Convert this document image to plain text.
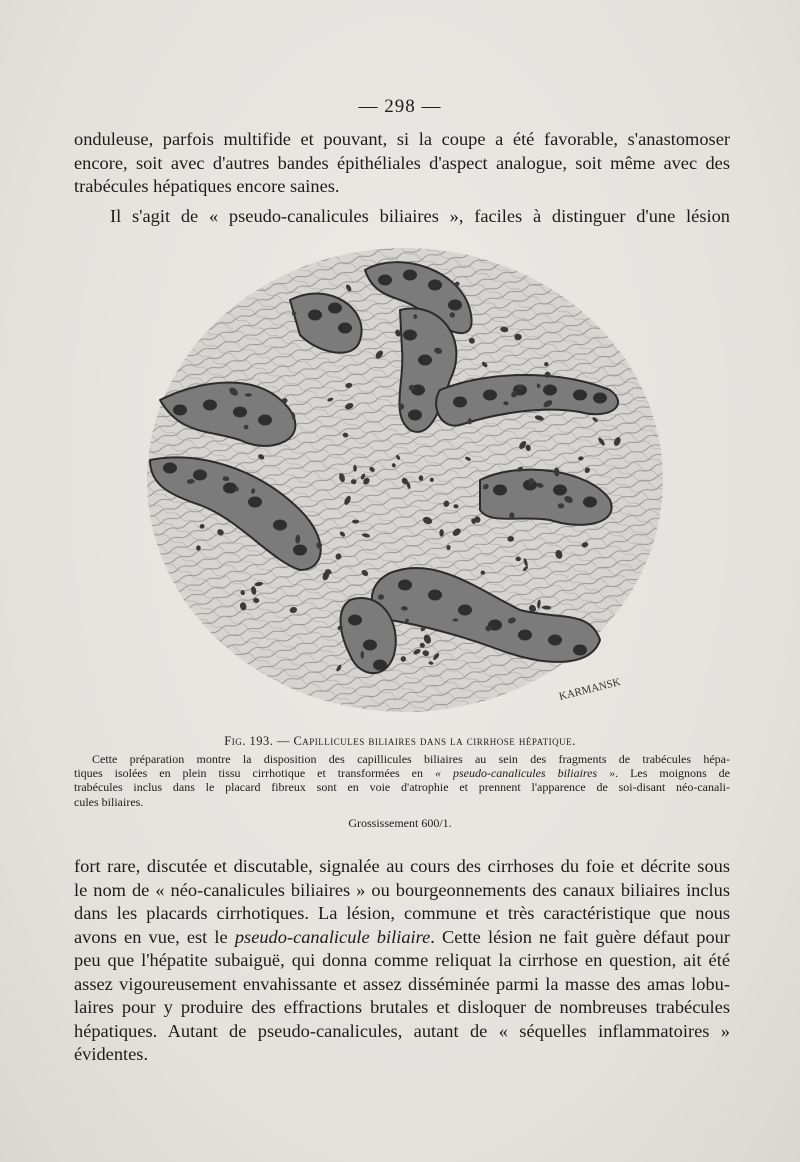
— 298 —

onduleuse, parfois multifide et pouvant, si la coupe a été favorable, s'anastomoser
encore, soit avec d'autres bandes épithéliales d'aspect analogue, soit même avec des
trabécules hépatiques encore saines.

Il s'agit de « pseudo-canalicules biliaires », faciles à distinguer d'une lésion

KARMANSK
Fig. 193. — Capillicules biliaires dans la cirrhose hépatique.
Cette préparation montre la disposition des capillicules biliaires au sein des fragments de trabécules hépa-
tiques isolées en plein tissu cirrhotique et transformées en « pseudo-canalicules biliaires ». Les moignons de
trabécules inclus dans le placard fibreux sont en voie d'atrophie et prennent l'apparence de soi-disant néo-canali-
cules biliaires.
Grossissement 600/1.

fort rare, discutée et discutable, signalée au cours des cirrhoses du foie et décrite sous
le nom de « néo-canalicules biliaires » ou bourgeonnements des canaux biliaires inclus
dans les placards cirrhotiques. La lésion, commune et très caractéristique que nous
avons en vue, est le pseudo-canalicule biliaire. Cette lésion ne fait guère défaut pour
peu que l'hépatite subaiguë, qui donna comme reliquat la cirrhose en question, ait été
assez vigoureusement envahissante et assez disséminée parmi la masse des amas lobu-
laires pour y produire des effractions brutales et disloquer de nombreuses trabécules
hépatiques. Autant de pseudo-canalicules, autant de « séquelles inflammatoires »
évidentes.
